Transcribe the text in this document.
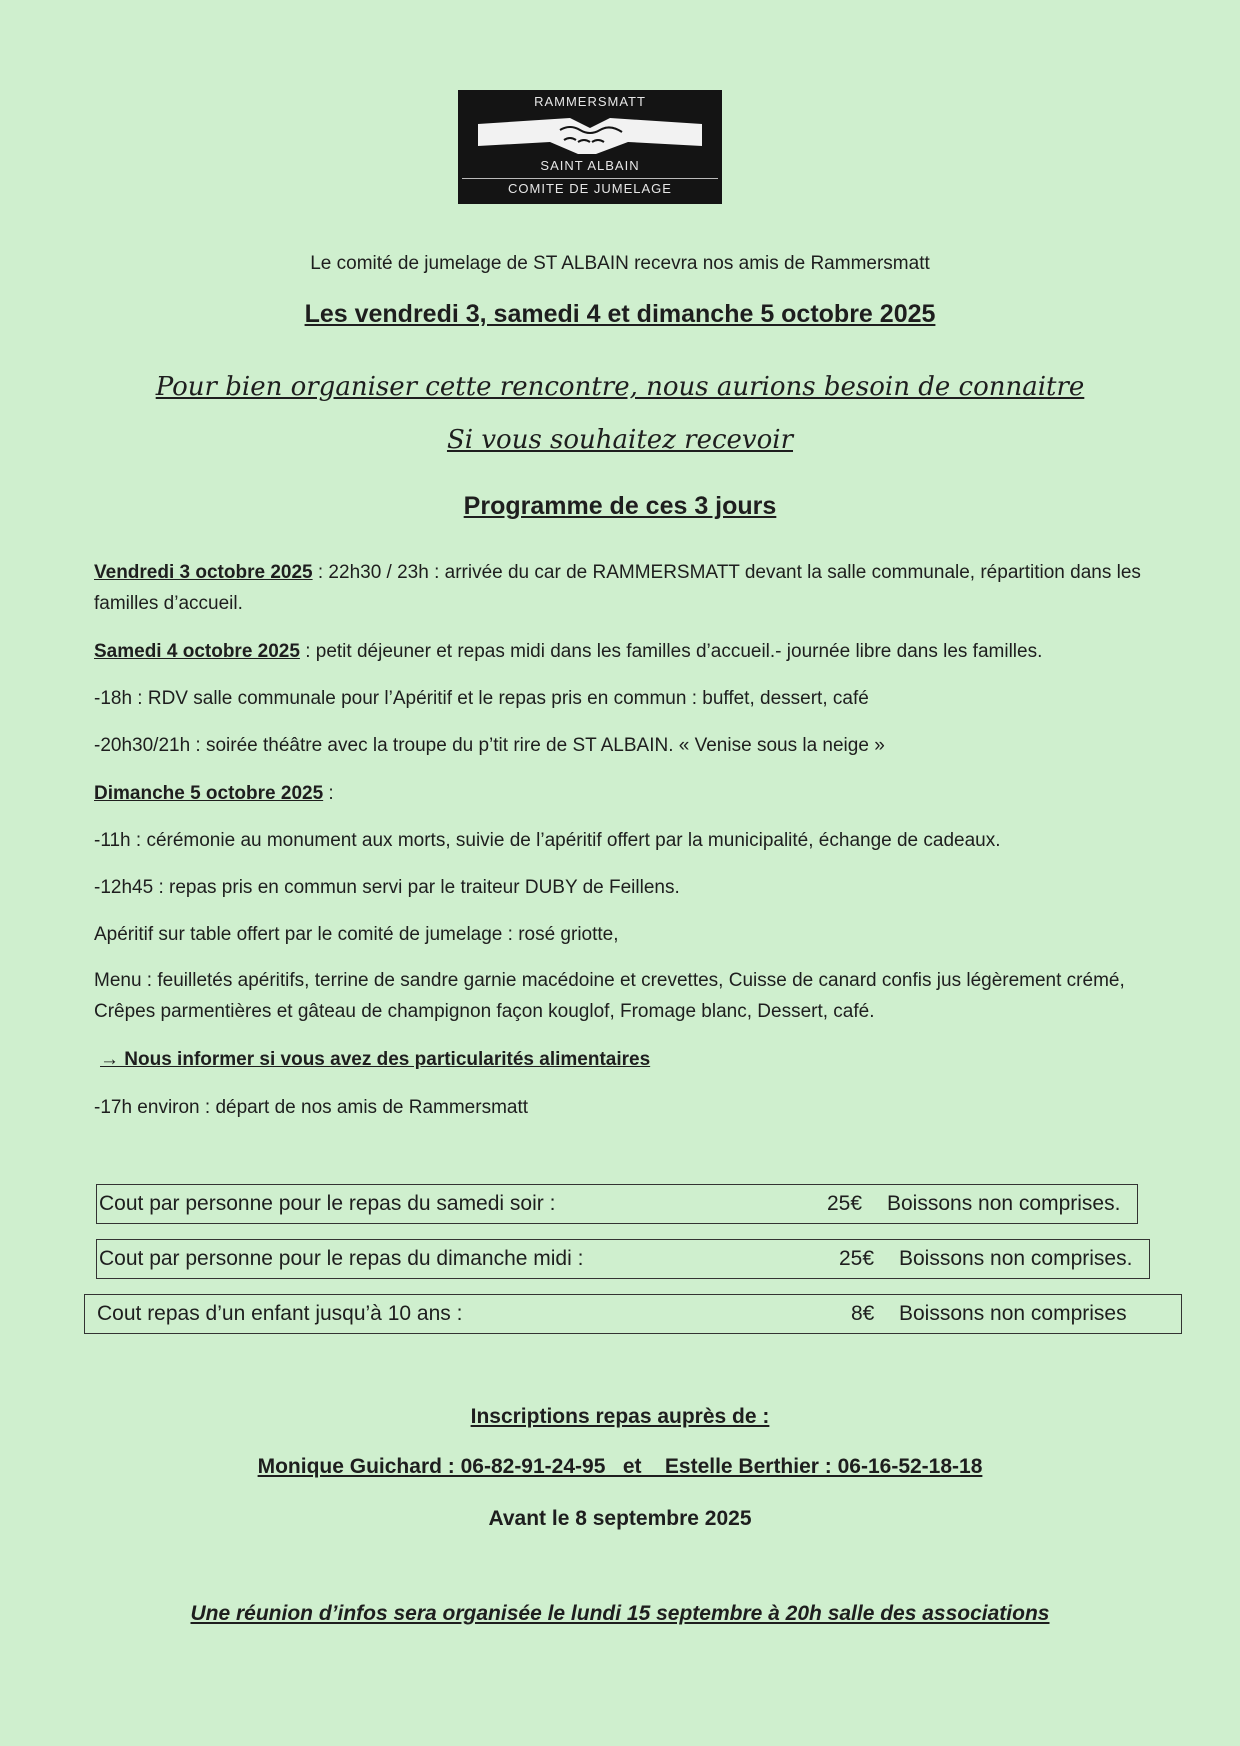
RAMMERSMATT
SAINT ALBAIN
COMITE DE JUMELAGE
Le comité de jumelage de ST ALBAIN recevra nos amis de Rammersmatt
Les vendredi 3, samedi 4 et dimanche 5 octobre 2025
Pour bien organiser cette rencontre, nous aurions besoin de connaitre
Si vous souhaitez recevoir
Programme de ces 3 jours
Vendredi 3 octobre 2025 : 22h30 / 23h : arrivée du car de RAMMERSMATT devant la salle communale, répartition dans les familles d’accueil.
Samedi 4 octobre 2025 : petit déjeuner et repas midi dans les familles d’accueil.- journée libre dans les familles.
-18h : RDV salle communale pour l’Apéritif et le repas pris en commun : buffet, dessert, café
-20h30/21h : soirée théâtre avec la troupe du p’tit rire de ST ALBAIN. « Venise sous la neige »
Dimanche 5 octobre 2025 :
-11h : cérémonie au monument aux morts, suivie de l’apéritif offert par la municipalité, échange de cadeaux.
-12h45 : repas pris en commun servi par le traiteur DUBY de Feillens.
Apéritif sur table offert par le comité de jumelage : rosé griotte,
Menu : feuilletés apéritifs, terrine de sandre garnie macédoine et crevettes, Cuisse de canard confis jus légèrement crémé, Crêpes parmentières et gâteau de champignon façon kouglof, Fromage blanc, Dessert, café.
→ Nous informer si vous avez des particularités alimentaires
-17h environ : départ de nos amis de Rammersmatt
Cout par personne pour le repas du samedi soir :	25€ Boissons non comprises.
Cout par personne pour le repas du dimanche midi :	25€ Boissons non comprises.
Cout repas d’un enfant jusqu’à 10 ans :	8€ Boissons non comprises
Inscriptions repas auprès de :
Monique Guichard : 06-82-91-24-95   et    Estelle Berthier : 06-16-52-18-18
Avant le 8 septembre 2025
Une réunion d’infos sera organisée le lundi 15 septembre à 20h salle des associations
